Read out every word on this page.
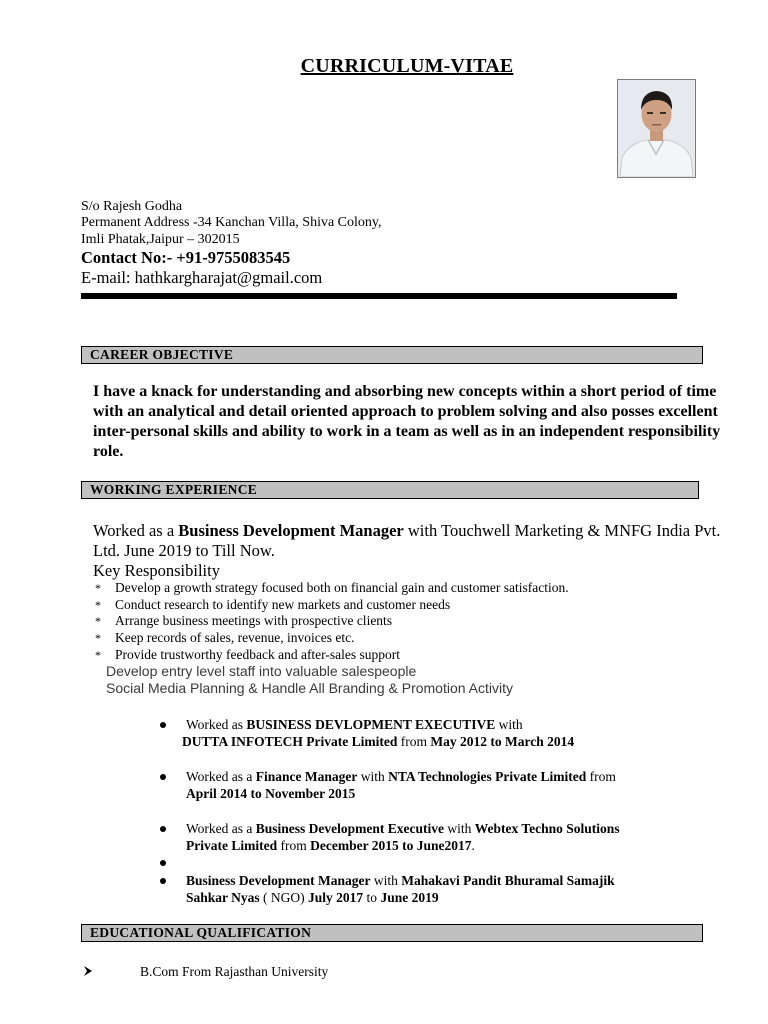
CURRICULUM-VITAE
S/o Rajesh Godha
Permanent Address -34 Kanchan Villa, Shiva Colony,
Imli Phatak,Jaipur – 302015
Contact No:- +91-9755083545
E-mail: hathkargharajat@gmail.com
CAREER OBJECTIVE
I have a knack for understanding and absorbing new concepts within a short period of time with an analytical and detail oriented approach to problem solving and also posses excellent inter-personal skills and ability to work in a team as well as in an independent responsibility role.
WORKING EXPERIENCE
Worked as a Business Development Manager with Touchwell Marketing & MNFG India Pvt. Ltd. June 2019 to Till Now.
Key Responsibility
* Develop a growth strategy focused both on financial gain and customer satisfaction.
* Conduct research to identify new markets and customer needs
* Arrange business meetings with prospective clients
* Keep records of sales, revenue, invoices etc.
* Provide trustworthy feedback and after-sales support
Develop entry level staff into valuable salespeople
Social Media Planning & Handle All Branding & Promotion Activity
Worked as BUSINESS DEVLOPMENT EXECUTIVE with
DUTTA INFOTECH Private Limited from May 2012 to March 2014
Worked as a Finance Manager with NTA Technologies Private Limited from
April 2014 to November 2015
Worked as a Business Development Executive with Webtex Techno Solutions
Private Limited from December 2015 to June2017.
Business Development Manager with Mahakavi Pandit Bhuramal Samajik
Sahkar Nyas ( NGO) July 2017 to June 2019
EDUCATIONAL QUALIFICATION
B.Com From Rajasthan University
